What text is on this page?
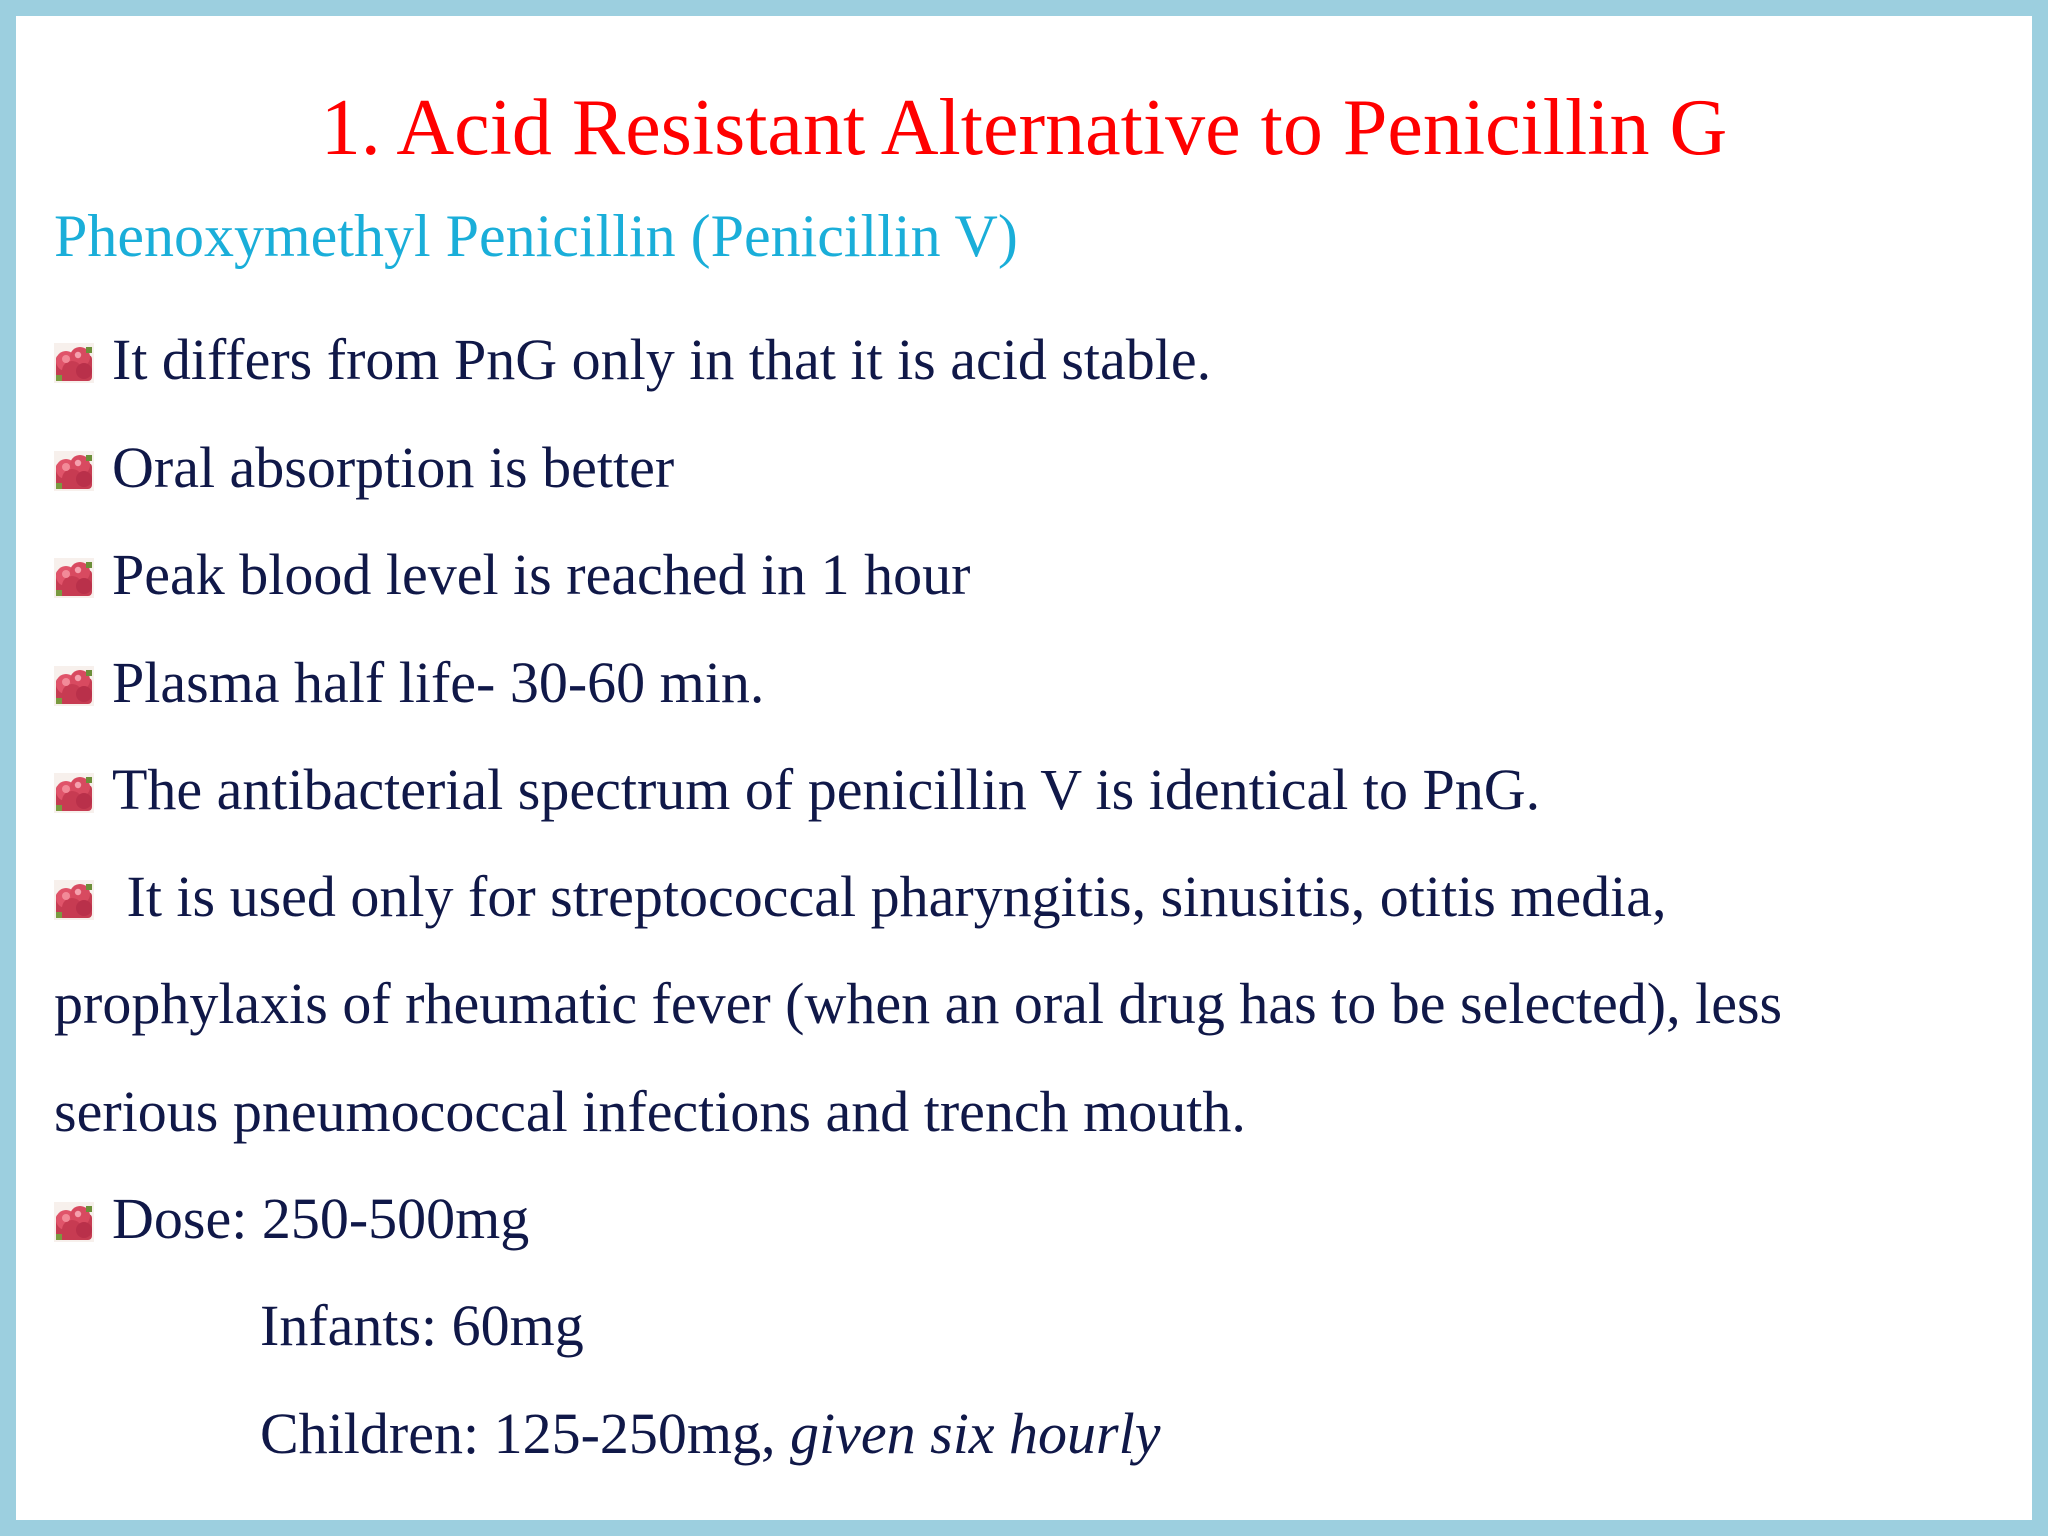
1. Acid Resistant Alternative to Penicillin G
Phenoxymethyl Penicillin (Penicillin V)
It differs from PnG only in that it is acid stable.
Oral absorption is better
Peak blood level is reached in 1 hour
Plasma half life- 30-60 min.
The antibacterial spectrum of penicillin V is identical to PnG.
It is used only for streptococcal pharyngitis, sinusitis, otitis media,
prophylaxis of rheumatic fever (when an oral drug has to be selected), less
serious pneumococcal infections and trench mouth.
Dose: 250-500mg
Infants: 60mg
Children: 125-250mg, given six hourly
